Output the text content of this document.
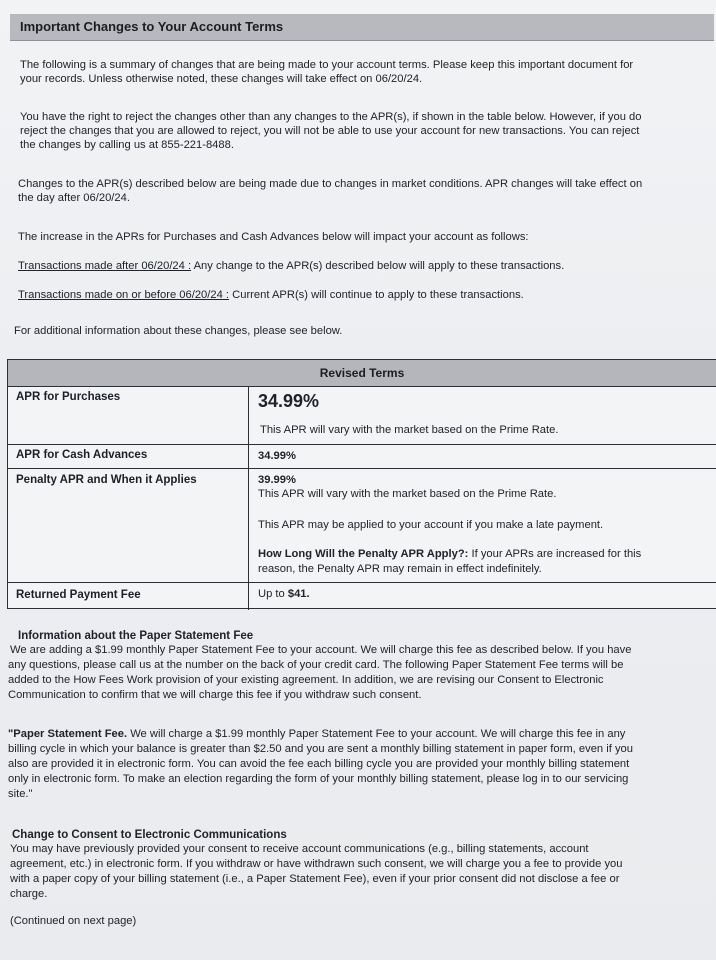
Important Changes to Your Account Terms
The following is a summary of changes that are being made to your account terms. Please keep this important document for
your records. Unless otherwise noted, these changes will take effect on 06/20/24.
You have the right to reject the changes other than any changes to the APR(s), if shown in the table below. However, if you do
reject the changes that you are allowed to reject, you will not be able to use your account for new transactions. You can reject
the changes by calling us at 855-221-8488.
Changes to the APR(s) described below are being made due to changes in market conditions. APR changes will take effect on
the day after 06/20/24.
The increase in the APRs for Purchases and Cash Advances below will impact your account as follows:
Transactions made after 06/20/24 : Any change to the APR(s) described below will apply to these transactions.
Transactions made on or before 06/20/24 : Current APR(s) will continue to apply to these transactions.
For additional information about these changes, please see below.
Revised Terms
APR for Purchases	34.99%
This APR will vary with the market based on the Prime Rate.
APR for Cash Advances	34.99%
Penalty APR and When it Applies	39.99%
This APR will vary with the market based on the Prime Rate.
This APR may be applied to your account if you make a late payment.
How Long Will the Penalty APR Apply?: If your APRs are increased for this
reason, the Penalty APR may remain in effect indefinitely.
Returned Payment Fee	Up to $41.
Information about the Paper Statement Fee
We are adding a $1.99 monthly Paper Statement Fee to your account. We will charge this fee as described below. If you have
any questions, please call us at the number on the back of your credit card. The following Paper Statement Fee terms will be
added to the How Fees Work provision of your existing agreement. In addition, we are revising our Consent to Electronic
Communication to confirm that we will charge this fee if you withdraw such consent.
"Paper Statement Fee. We will charge a $1.99 monthly Paper Statement Fee to your account. We will charge this fee in any
billing cycle in which your balance is greater than $2.50 and you are sent a monthly billing statement in paper form, even if you
also are provided it in electronic form. You can avoid the fee each billing cycle you are provided your monthly billing statement
only in electronic form. To make an election regarding the form of your monthly billing statement, please log in to our servicing
site."
Change to Consent to Electronic Communications
You may have previously provided your consent to receive account communications (e.g., billing statements, account
agreement, etc.) in electronic form. If you withdraw or have withdrawn such consent, we will charge you a fee to provide you
with a paper copy of your billing statement (i.e., a Paper Statement Fee), even if your prior consent did not disclose a fee or
charge.
(Continued on next page)
